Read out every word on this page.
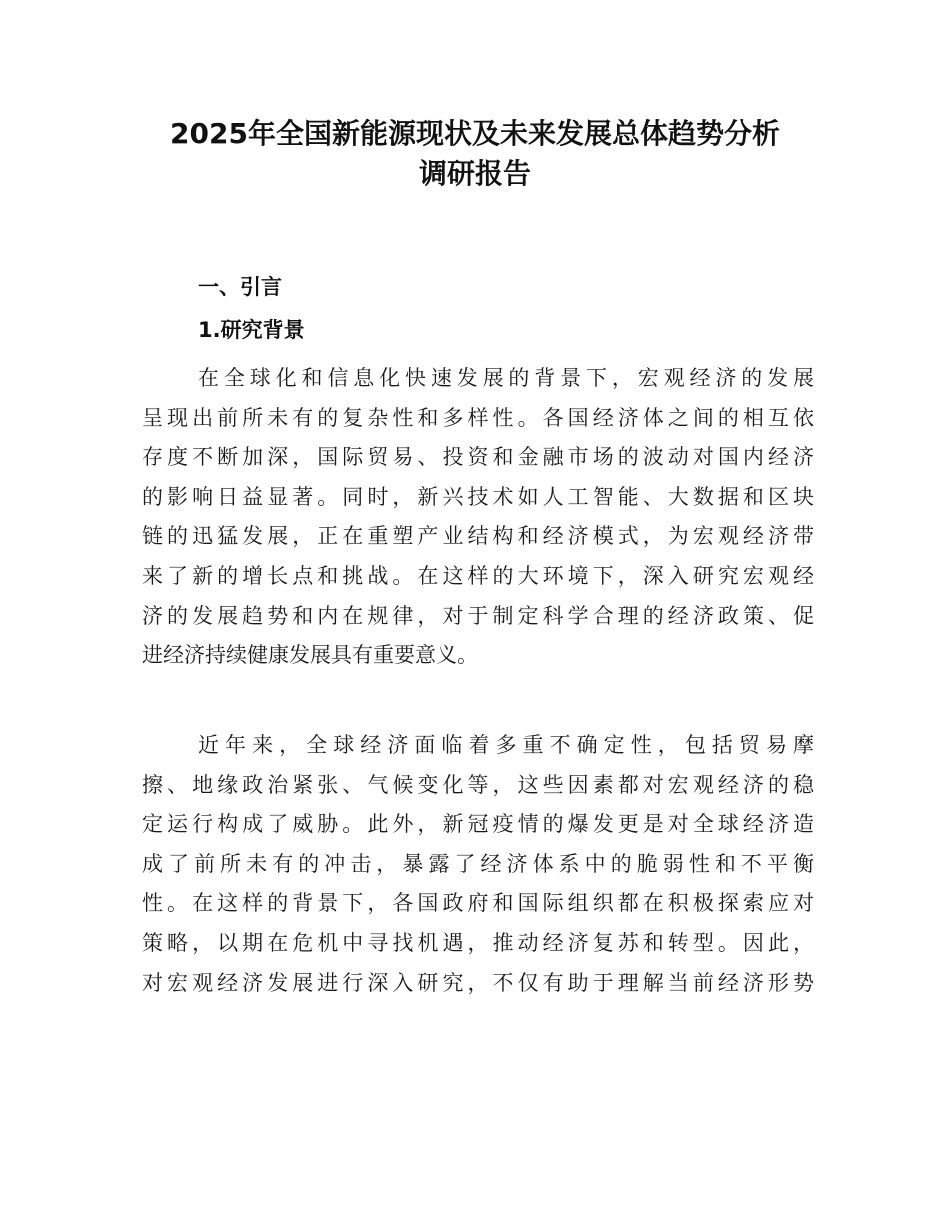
2025年全国新能源现状及未来发展总体趋势分析
调研报告
一、引言
1.研究背景

在全球化和信息化快速发展的背景下，宏观经济的发展
呈现出前所未有的复杂性和多样性。各国经济体之间的相互依
存度不断加深，国际贸易、投资和金融市场的波动对国内经济
的影响日益显著。同时，新兴技术如人工智能、大数据和区块
链的迅猛发展，正在重塑产业结构和经济模式，为宏观经济带
来了新的增长点和挑战。在这样的大环境下，深入研究宏观经
济的发展趋势和内在规律，对于制定科学合理的经济政策、促
进经济持续健康发展具有重要意义。

近年来，全球经济面临着多重不确定性，包括贸易摩
擦、地缘政治紧张、气候变化等，这些因素都对宏观经济的稳
定运行构成了威胁。此外，新冠疫情的爆发更是对全球经济造
成了前所未有的冲击，暴露了经济体系中的脆弱性和不平衡
性。在这样的背景下，各国政府和国际组织都在积极探索应对
策略，以期在危机中寻找机遇，推动经济复苏和转型。因此，
对宏观经济发展进行深入研究，不仅有助于理解当前经济形势
